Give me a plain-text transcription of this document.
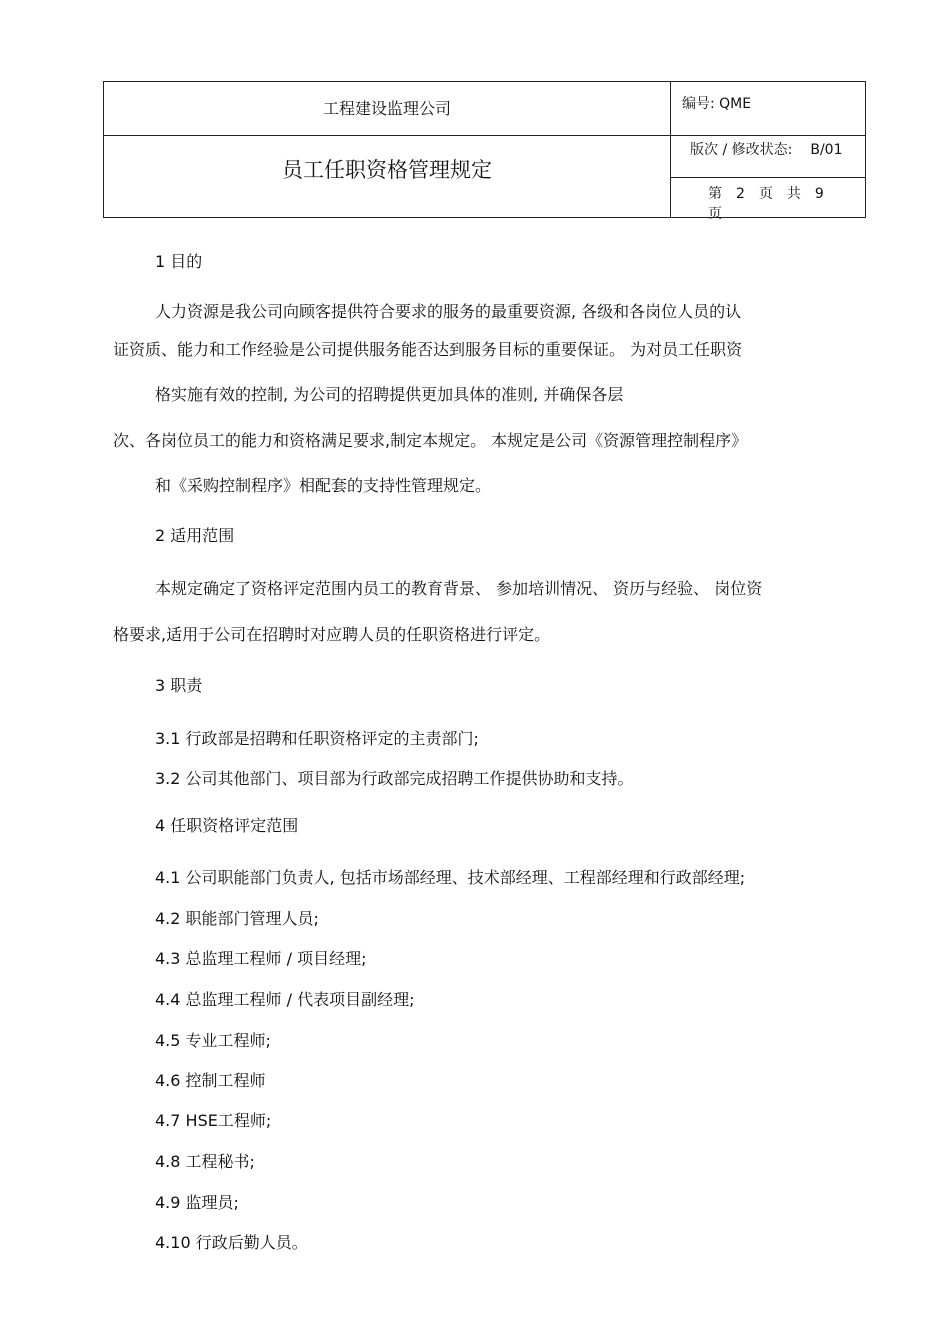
工程建设监理公司
员工任职资格管理规定
编号: QME
版次 / 修改状态: B/01
第 2 页 共 9页
1 目的
人力资源是我公司向顾客提供符合要求的服务的最重要资源, 各级和各岗位人员的认
证资质、能力和工作经验是公司提供服务能否达到服务目标的重要保证。 为对员工任职资
格实施有效的控制, 为公司的招聘提供更加具体的准则, 并确保各层
次、各岗位员工的能力和资格满足要求,制定本规定。 本规定是公司《资源管理控制程序》
和《采购控制程序》相配套的支持性管理规定。
2 适用范围
本规定确定了资格评定范围内员工的教育背景、 参加培训情况、 资历与经验、 岗位资
格要求,适用于公司在招聘时对应聘人员的任职资格进行评定。
3 职责
3.1 行政部是招聘和任职资格评定的主责部门;
3.2 公司其他部门、项目部为行政部完成招聘工作提供协助和支持。
4 任职资格评定范围
4.1 公司职能部门负责人, 包括市场部经理、技术部经理、工程部经理和行政部经理;
4.2 职能部门管理人员;
4.3 总监理工程师 / 项目经理;
4.4 总监理工程师 / 代表项目副经理;
4.5 专业工程师;
4.6 控制工程师
4.7 HSE工程师;
4.8 工程秘书;
4.9 监理员;
4.10 行政后勤人员。
